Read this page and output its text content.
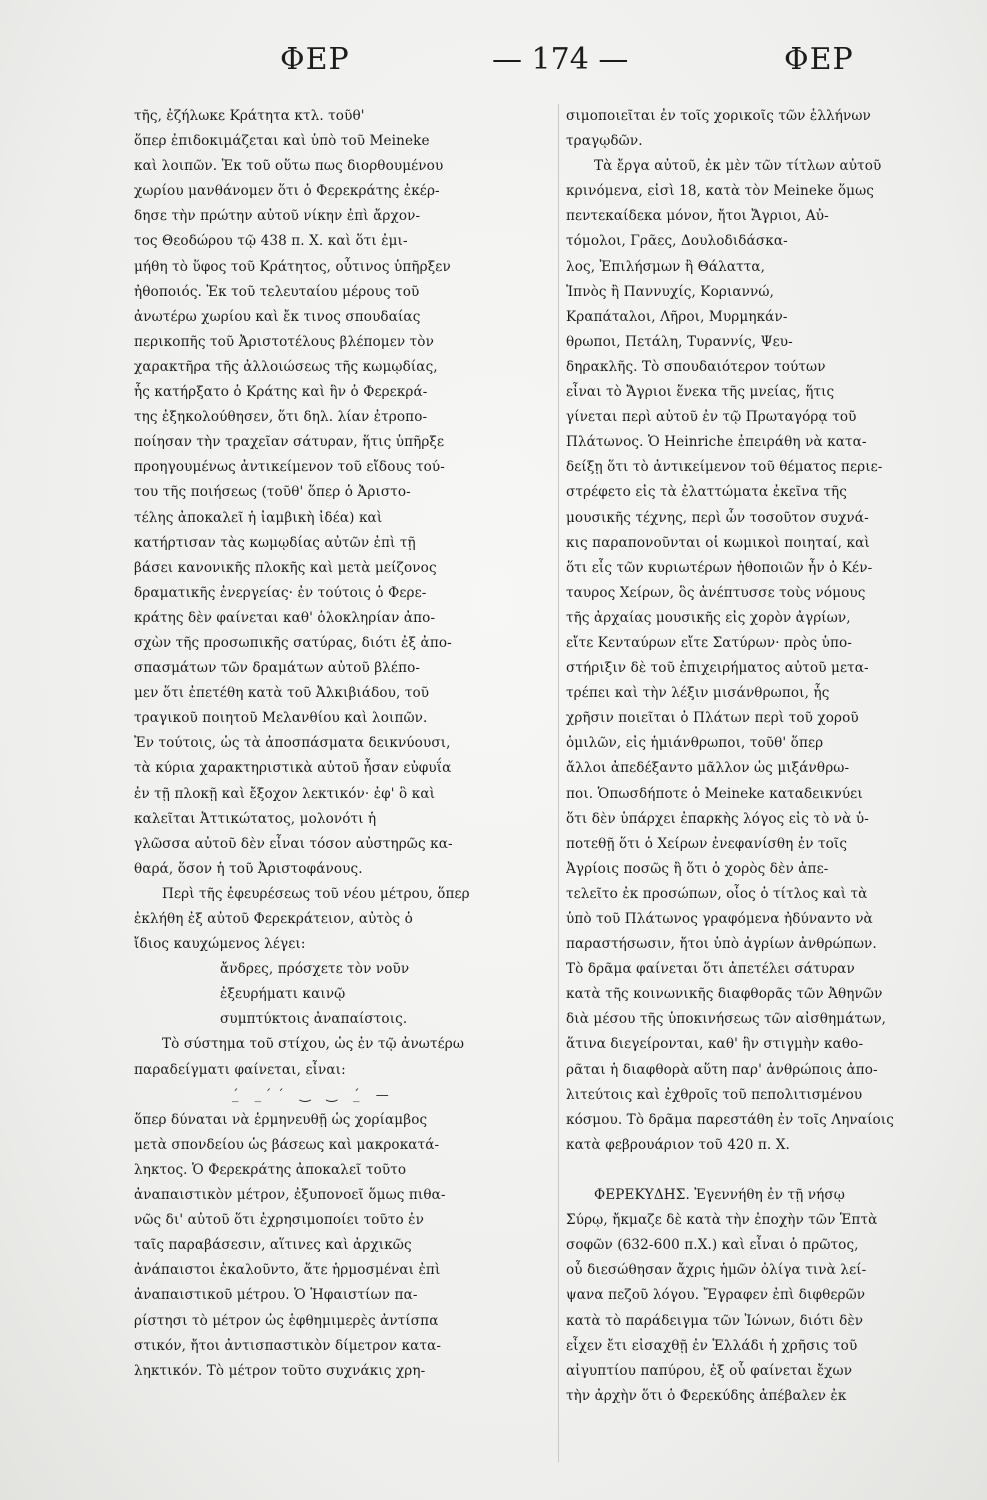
ΦΕΡ	— 174 —	ΦΕΡ
τῆς, ἐζήλωκε Κράτητα κτλ. τοῦθ'
ὅπερ ἐπιδοκιμάζεται καὶ ὑπὸ τοῦ Meineke
καὶ λοιπῶν. Ἐκ τοῦ οὕτω πως διορθουμένου
χωρίου μανθάνομεν ὅτι ὁ Φερεκράτης ἐκέρ-
δησε τὴν πρώτην αὐτοῦ νίκην ἐπὶ ἄρχον-
τος Θεοδώρου τῷ 438 π. Χ. καὶ ὅτι ἐμι-
μήθη τὸ ὕφος τοῦ Κράτητος, οὗτινος ὑπῆρξεν
ἠθοποιός. Ἐκ τοῦ τελευταίου μέρους τοῦ
ἀνωτέρω χωρίου καὶ ἔκ τινος σπουδαίας
περικοπῆς τοῦ Ἀριστοτέλους βλέπομεν τὸν
χαρακτῆρα τῆς ἀλλοιώσεως τῆς κωμῳδίας,
ἧς κατήρξατο ὁ Κράτης καὶ ἣν ὁ Φερεκρά-
της ἐξηκολούθησεν, ὅτι δηλ. λίαν ἐτροπο-
ποίησαν τὴν τραχεῖαν σάτυραν, ἥτις ὑπῆρξε
προηγουμένως ἀντικείμενον τοῦ εἴδους τού-
του τῆς ποιήσεως (τοῦθ' ὅπερ ὁ Ἀριστο-
τέλης ἀποκαλεῖ ἡ ἰαμβικὴ ἰδέα) καὶ
κατήρτισαν τὰς κωμῳδίας αὐτῶν ἐπὶ τῇ
βάσει κανονικῆς πλοκῆς καὶ μετὰ μείζονος
δραματικῆς ἐνεργείας· ἐν τούτοις ὁ Φερε-
κράτης δὲν φαίνεται καθ' ὁλοκληρίαν ἀπο-
σχὼν τῆς προσωπικῆς σατύρας, διότι ἐξ ἀπο-
σπασμάτων τῶν δραμάτων αὐτοῦ βλέπο-
μεν ὅτι ἐπετέθη κατὰ τοῦ Ἀλκιβιάδου, τοῦ
τραγικοῦ ποιητοῦ Μελανθίου καὶ λοιπῶν.
Ἐν τούτοις, ὡς τὰ ἀποσπάσματα δεικνύουσι,
τὰ κύρια χαρακτηριστικὰ αὐτοῦ ἦσαν εὐφυΐα
ἐν τῇ πλοκῇ καὶ ἔξοχον λεκτικόν· ἐφ' ὃ καὶ
καλεῖται Ἀττικώτατος, μολονότι ἡ
γλῶσσα αὐτοῦ δὲν εἶναι τόσον αὐστηρῶς κα-
θαρά, ὅσον ἡ τοῦ Ἀριστοφάνους.
Περὶ τῆς ἐφευρέσεως τοῦ νέου μέτρου, ὅπερ
ἐκλήθη ἐξ αὐτοῦ Φερεκράτειον, αὐτὸς ὁ
ἴδιος καυχώμενος λέγει:
ἄνδρες, πρόσχετε τὸν νοῦν
ἐξευρήματι καινῷ
συμπτύκτοις ἀναπαίστοις.
Τὸ σύστημα τοῦ στίχου, ὡς ἐν τῷ ἀνωτέρω
παραδείγματι φαίνεται, εἶναι:
_́ _ ́´ ‿ ‿ _́ —
ὅπερ δύναται νὰ ἑρμηνευθῇ ὡς χορίαμβος
μετὰ σπονδείου ὡς βάσεως καὶ μακροκατά-
ληκτος. Ὁ Φερεκράτης ἀποκαλεῖ τοῦτο
ἀναπαιστικὸν μέτρον, ἐξυπονοεῖ ὅμως πιθα-
νῶς δι' αὐτοῦ ὅτι ἐχρησιμοποίει τοῦτο ἐν
ταῖς παραβάσεσιν, αἵτινες καὶ ἀρχικῶς
ἀνάπαιστοι ἐκαλοῦντο, ἅτε ἡρμοσμέναι ἐπὶ
ἀναπαιστικοῦ μέτρου. Ὁ Ἡφαιστίων πα-
ρίστησι τὸ μέτρον ὡς ἑφθημιμερὲς ἀντίσπα
στικόν, ἤτοι ἀντισπαστικὸν δίμετρον κατα-
ληκτικόν. Τὸ μέτρον τοῦτο συχνάκις χρη-
σιμοποιεῖται ἐν τοῖς χορικοῖς τῶν ἑλλήνων
τραγῳδῶν.
Τὰ ἔργα αὐτοῦ, ἐκ μὲν τῶν τίτλων αὐτοῦ
κρινόμενα, εἰσὶ 18, κατὰ τὸν Meineke ὅμως
πεντεκαίδεκα μόνον, ἤτοι Ἄγριοι, Αὐ-
τόμολοι, Γρᾶες, Δουλοδιδάσκα-
λος, Ἐπιλήσμων ἢ Θάλαττα,
Ἰπνὸς ἢ Παννυχίς, Κοριαννώ,
Κραπάταλοι, Λῆροι, Μυρμηκάν-
θρωποι, Πετάλη, Τυραννίς, Ψευ-
δηρακλῆς. Τὸ σπουδαιότερον τούτων
εἶναι τὸ Ἄγριοι ἕνεκα τῆς μνείας, ἥτις
γίνεται περὶ αὐτοῦ ἐν τῷ Πρωταγόρᾳ τοῦ
Πλάτωνος. Ὁ Heinriche ἐπειράθη νὰ κατα-
δείξῃ ὅτι τὸ ἀντικείμενον τοῦ θέματος περιε-
στρέφετο εἰς τὰ ἐλαττώματα ἐκεῖνα τῆς
μουσικῆς τέχνης, περὶ ὧν τοσοῦτον συχνά-
κις παραπονοῦνται οἱ κωμικοὶ ποιηταί, καὶ
ὅτι εἷς τῶν κυριωτέρων ἠθοποιῶν ἦν ὁ Κέν-
ταυρος Χείρων, ὃς ἀνέπτυσσε τοὺς νόμους
τῆς ἀρχαίας μουσικῆς εἰς χορὸν ἀγρίων,
εἴτε Κενταύρων εἴτε Σατύρων· πρὸς ὑπο-
στήριξιν δὲ τοῦ ἐπιχειρήματος αὐτοῦ μετα-
τρέπει καὶ τὴν λέξιν μισάνθρωποι, ἧς
χρῆσιν ποιεῖται ὁ Πλάτων περὶ τοῦ χοροῦ
ὁμιλῶν, εἰς ἡμιάνθρωποι, τοῦθ' ὅπερ
ἄλλοι ἀπεδέξαντο μᾶλλον ὡς μιξάνθρω-
ποι. Ὁπωσδήποτε ὁ Meineke καταδεικνύει
ὅτι δὲν ὑπάρχει ἐπαρκὴς λόγος εἰς τὸ νὰ ὑ-
ποτεθῇ ὅτι ὁ Χείρων ἐνεφανίσθη ἐν τοῖς
Ἀγρίοις ποσῶς ἢ ὅτι ὁ χορὸς δὲν ἀπε-
τελεῖτο ἐκ προσώπων, οἷος ὁ τίτλος καὶ τὰ
ὑπὸ τοῦ Πλάτωνος γραφόμενα ἠδύναντο νὰ
παραστήσωσιν, ἤτοι ὑπὸ ἀγρίων ἀνθρώπων.
Τὸ δρᾶμα φαίνεται ὅτι ἀπετέλει σάτυραν
κατὰ τῆς κοινωνικῆς διαφθορᾶς τῶν Ἀθηνῶν
διὰ μέσου τῆς ὑποκινήσεως τῶν αἰσθημάτων,
ἅτινα διεγείρονται, καθ' ἣν στιγμὴν καθο-
ρᾶται ἡ διαφθορὰ αὕτη παρ' ἀνθρώποις ἀπο-
λιτεύτοις καὶ ἐχθροῖς τοῦ πεπολιτισμένου
κόσμου. Τὸ δρᾶμα παρεστάθη ἐν τοῖς Ληναίοις
κατὰ φεβρουάριον τοῦ 420 π. Χ.
ΦΕΡΕΚΥΔΗΣ. Ἐγεννήθη ἐν τῇ νήσῳ
Σύρῳ, ἤκμαζε δὲ κατὰ τὴν ἐποχὴν τῶν Ἑπτὰ
σοφῶν (632-600 π.Χ.) καὶ εἶναι ὁ πρῶτος,
οὗ διεσώθησαν ἄχρις ἡμῶν ὀλίγα τινὰ λεί-
ψανα πεζοῦ λόγου. Ἔγραφεν ἐπὶ διφθερῶν
κατὰ τὸ παράδειγμα τῶν Ἰώνων, διότι δὲν
εἶχεν ἔτι εἰσαχθῇ ἐν Ἑλλάδι ἡ χρῆσις τοῦ
αἰγυπτίου παπύρου, ἐξ οὗ φαίνεται ἔχων
τὴν ἀρχὴν ὅτι ὁ Φερεκύδης ἀπέβαλεν ἐκ
